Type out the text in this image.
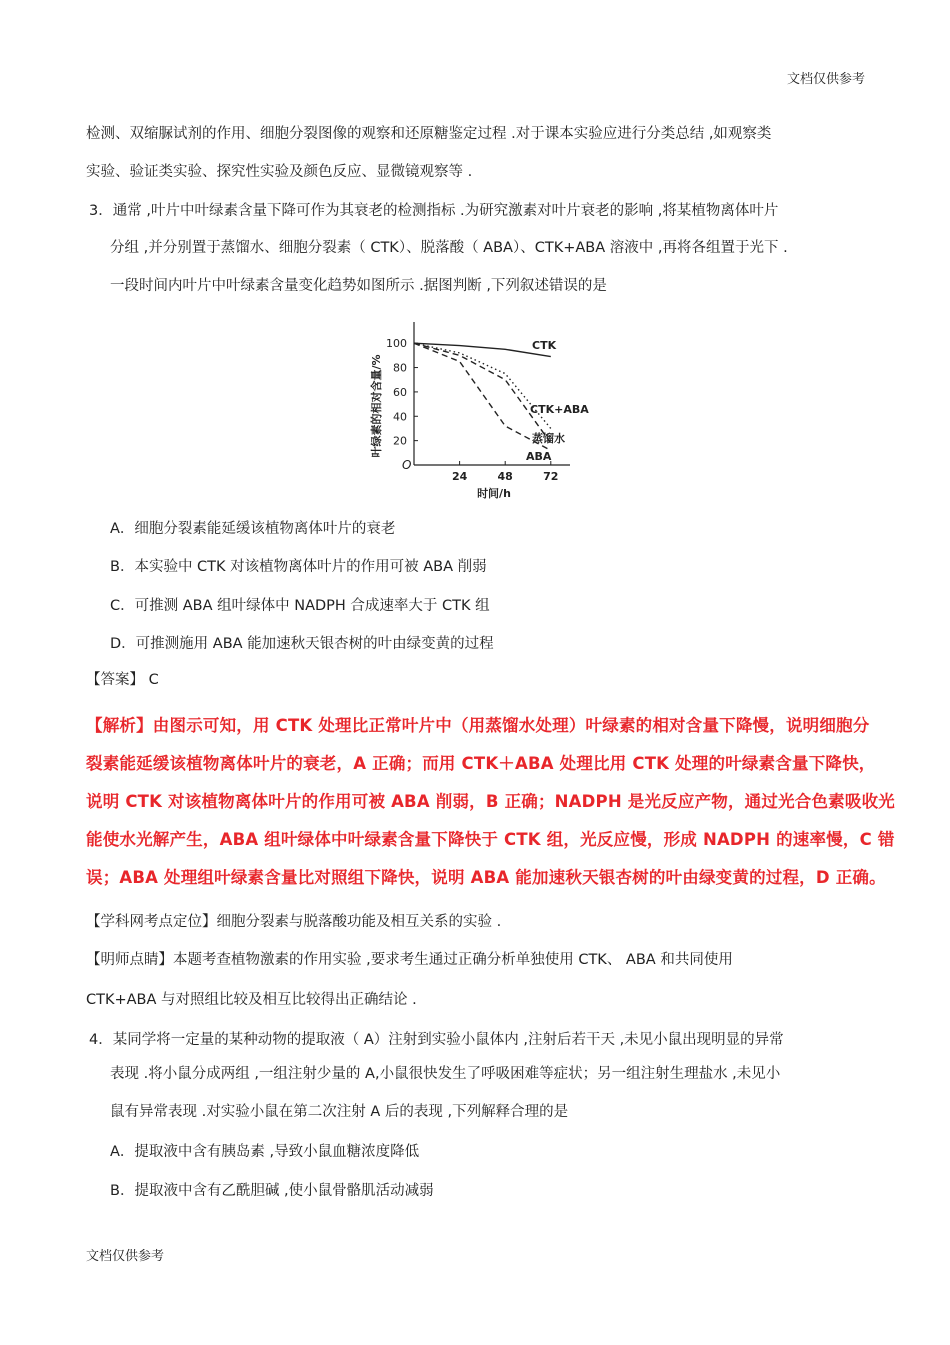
文档仅供参考
检测、双缩脲试剂的作用、细胞分裂图像的观察和还原糖鉴定过程 .对于课本实验应进行分类总结 ,如观察类
实验、验证类实验、探究性实验及颜色反应、显微镜观察等 .
3．通常 ,叶片中叶绿素含量下降可作为其衰老的检测指标 .为研究激素对叶片衰老的影响 ,将某植物离体叶片
分组 ,并分别置于蒸馏水、细胞分裂素（ CTK）、脱落酸（ ABA）、CTK+ABA 溶液中 ,再将各组置于光下 .
一段时间内叶片中叶绿素含量变化趋势如图所示 .据图判断 ,下列叙述错误的是
20
40
60
80
100
24	48	72
O
时间/h
叶绿素的相对含量/%
CTK
CTK+ABA
蒸馏水
ABA
A．细胞分裂素能延缓该植物离体叶片的衰老
B．本实验中 CTK 对该植物离体叶片的作用可被 ABA 削弱
C．可推测 ABA 组叶绿体中 NADPH 合成速率大于 CTK 组
D．可推测施用 ABA 能加速秋天银杏树的叶由绿变黄的过程
【答案】 C
【解析】由图示可知，用 CTK 处理比正常叶片中（用蒸馏水处理）叶绿素的相对含量下降慢，说明细胞分
裂素能延缓该植物离体叶片的衰老，A 正确；而用 CTK＋ABA 处理比用 CTK 处理的叶绿素含量下降快，
说明 CTK 对该植物离体叶片的作用可被 ABA 削弱，B 正确；NADPH 是光反应产物，通过光合色素吸收光
能使水光解产生，ABA 组叶绿体中叶绿素含量下降快于 CTK 组，光反应慢，形成 NADPH 的速率慢，C 错
误；ABA 处理组叶绿素含量比对照组下降快，说明 ABA 能加速秋天银杏树的叶由绿变黄的过程，D 正确。
【学科网考点定位】细胞分裂素与脱落酸功能及相互关系的实验 .
【明师点睛】本题考查植物激素的作用实验 ,要求考生通过正确分析单独使用 CTK、 ABA 和共同使用
CTK+ABA 与对照组比较及相互比较得出正确结论 .
4．某同学将一定量的某种动物的提取液（ A）注射到实验小鼠体内 ,注射后若干天 ,未见小鼠出现明显的异常
表现 .将小鼠分成两组 ,一组注射少量的 A,小鼠很快发生了呼吸困难等症状；另一组注射生理盐水 ,未见小
鼠有异常表现 .对实验小鼠在第二次注射 A 后的表现 ,下列解释合理的是
A．提取液中含有胰岛素 ,导致小鼠血糖浓度降低
B．提取液中含有乙酰胆碱 ,使小鼠骨骼肌活动减弱
文档仅供参考
